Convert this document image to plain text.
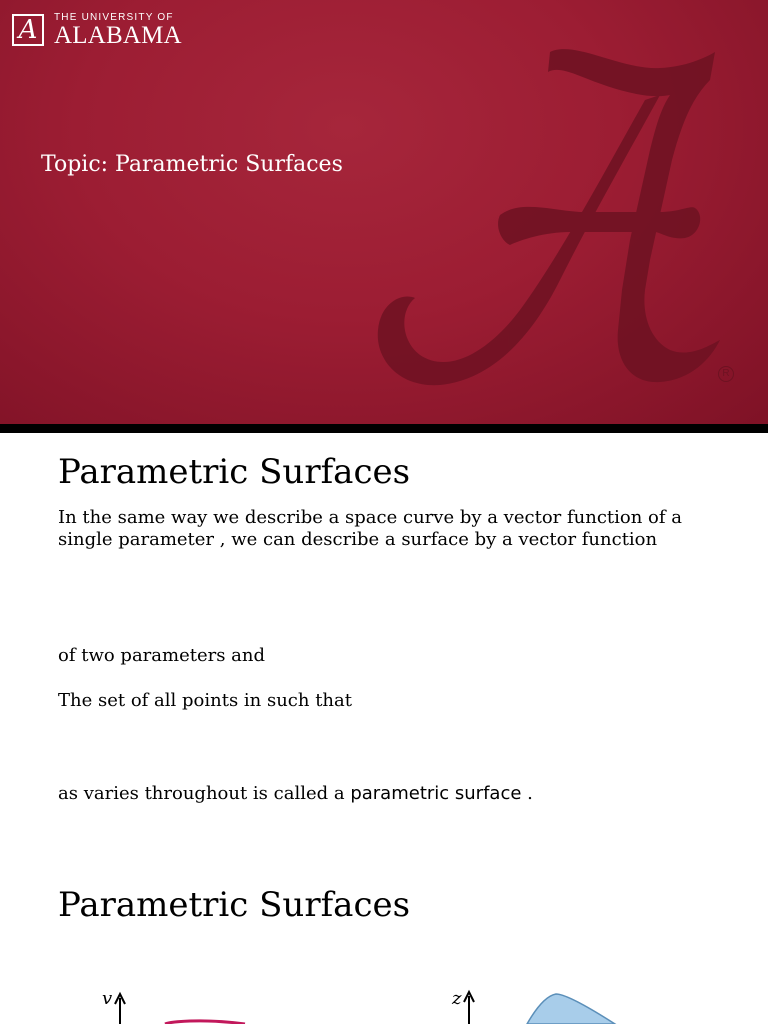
A	THE UNIVERSITY OF
ALABAMA
R
Topic: Parametric Surfaces
Parametric Surfaces

In the same way we describe a space curve by a vector function of a single parameter , we can describe a surface by a vector function

of two parameters and

The set of all points in such that

as varies throughout is called a parametric surface .

Parametric Surfaces
v	z
